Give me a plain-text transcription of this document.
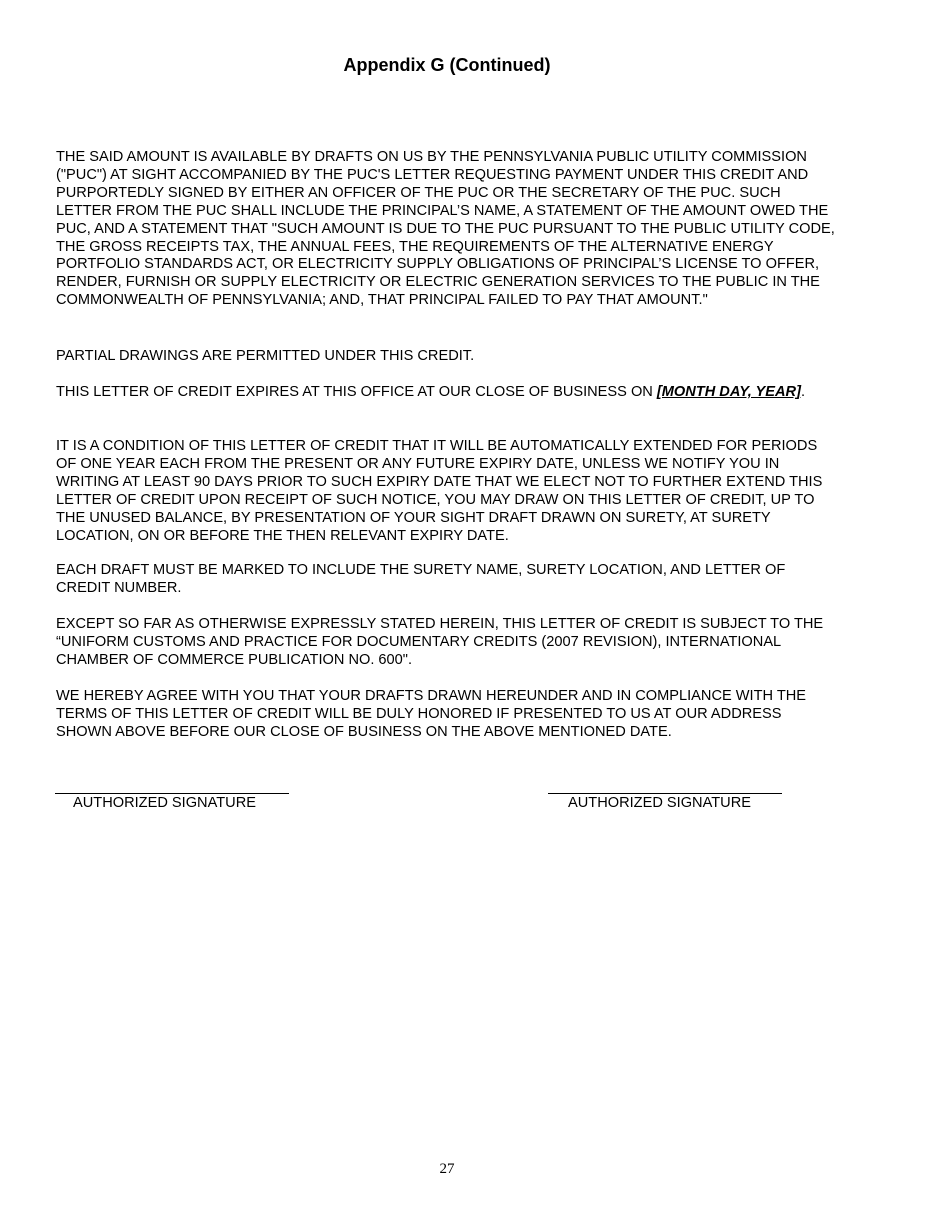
Appendix G (Continued)

THE SAID AMOUNT IS AVAILABLE BY DRAFTS ON US BY THE PENNSYLVANIA PUBLIC UTILITY COMMISSION ("PUC") AT SIGHT ACCOMPANIED BY THE PUC'S LETTER REQUESTING PAYMENT UNDER THIS CREDIT AND PURPORTEDLY SIGNED BY EITHER AN OFFICER OF THE PUC OR THE SECRETARY OF THE PUC. SUCH LETTER FROM THE PUC SHALL INCLUDE THE PRINCIPAL’S NAME, A STATEMENT OF THE AMOUNT OWED THE PUC, AND A STATEMENT THAT "SUCH AMOUNT IS DUE TO THE PUC PURSUANT TO THE PUBLIC UTILITY CODE, THE GROSS RECEIPTS TAX, THE ANNUAL FEES, THE REQUIREMENTS OF THE ALTERNATIVE ENERGY PORTFOLIO STANDARDS ACT, OR ELECTRICITY SUPPLY OBLIGATIONS OF PRINCIPAL’S LICENSE TO OFFER, RENDER, FURNISH OR SUPPLY ELECTRICITY OR ELECTRIC GENERATION SERVICES TO THE PUBLIC IN THE COMMONWEALTH OF PENNSYLVANIA; AND, THAT PRINCIPAL FAILED TO PAY THAT AMOUNT."

PARTIAL DRAWINGS ARE PERMITTED UNDER THIS CREDIT.

THIS LETTER OF CREDIT EXPIRES AT THIS OFFICE AT OUR CLOSE OF BUSINESS ON [MONTH DAY, YEAR].

IT IS A CONDITION OF THIS LETTER OF CREDIT THAT IT WILL BE AUTOMATICALLY EXTENDED FOR PERIODS OF ONE YEAR EACH FROM THE PRESENT OR ANY FUTURE EXPIRY DATE, UNLESS WE NOTIFY YOU IN WRITING AT LEAST 90 DAYS PRIOR TO SUCH EXPIRY DATE THAT WE ELECT NOT TO FURTHER EXTEND THIS LETTER OF CREDIT UPON RECEIPT OF SUCH NOTICE, YOU MAY DRAW ON THIS LETTER OF CREDIT, UP TO THE UNUSED BALANCE, BY PRESENTATION OF YOUR SIGHT DRAFT DRAWN ON SURETY, AT SURETY LOCATION, ON OR BEFORE THE THEN RELEVANT EXPIRY DATE.

EACH DRAFT MUST BE MARKED TO INCLUDE THE SURETY NAME, SURETY LOCATION, AND LETTER OF CREDIT NUMBER.

EXCEPT SO FAR AS OTHERWISE EXPRESSLY STATED HEREIN, THIS LETTER OF CREDIT IS SUBJECT TO THE “UNIFORM CUSTOMS AND PRACTICE FOR DOCUMENTARY CREDITS (2007 REVISION), INTERNATIONAL CHAMBER OF COMMERCE PUBLICATION NO. 600".

WE HEREBY AGREE WITH YOU THAT YOUR DRAFTS DRAWN HEREUNDER AND IN COMPLIANCE WITH THE TERMS OF THIS LETTER OF CREDIT WILL BE DULY HONORED IF PRESENTED TO US AT OUR ADDRESS SHOWN ABOVE BEFORE OUR CLOSE OF BUSINESS ON THE ABOVE MENTIONED DATE.

AUTHORIZED SIGNATURE	AUTHORIZED SIGNATURE
27
